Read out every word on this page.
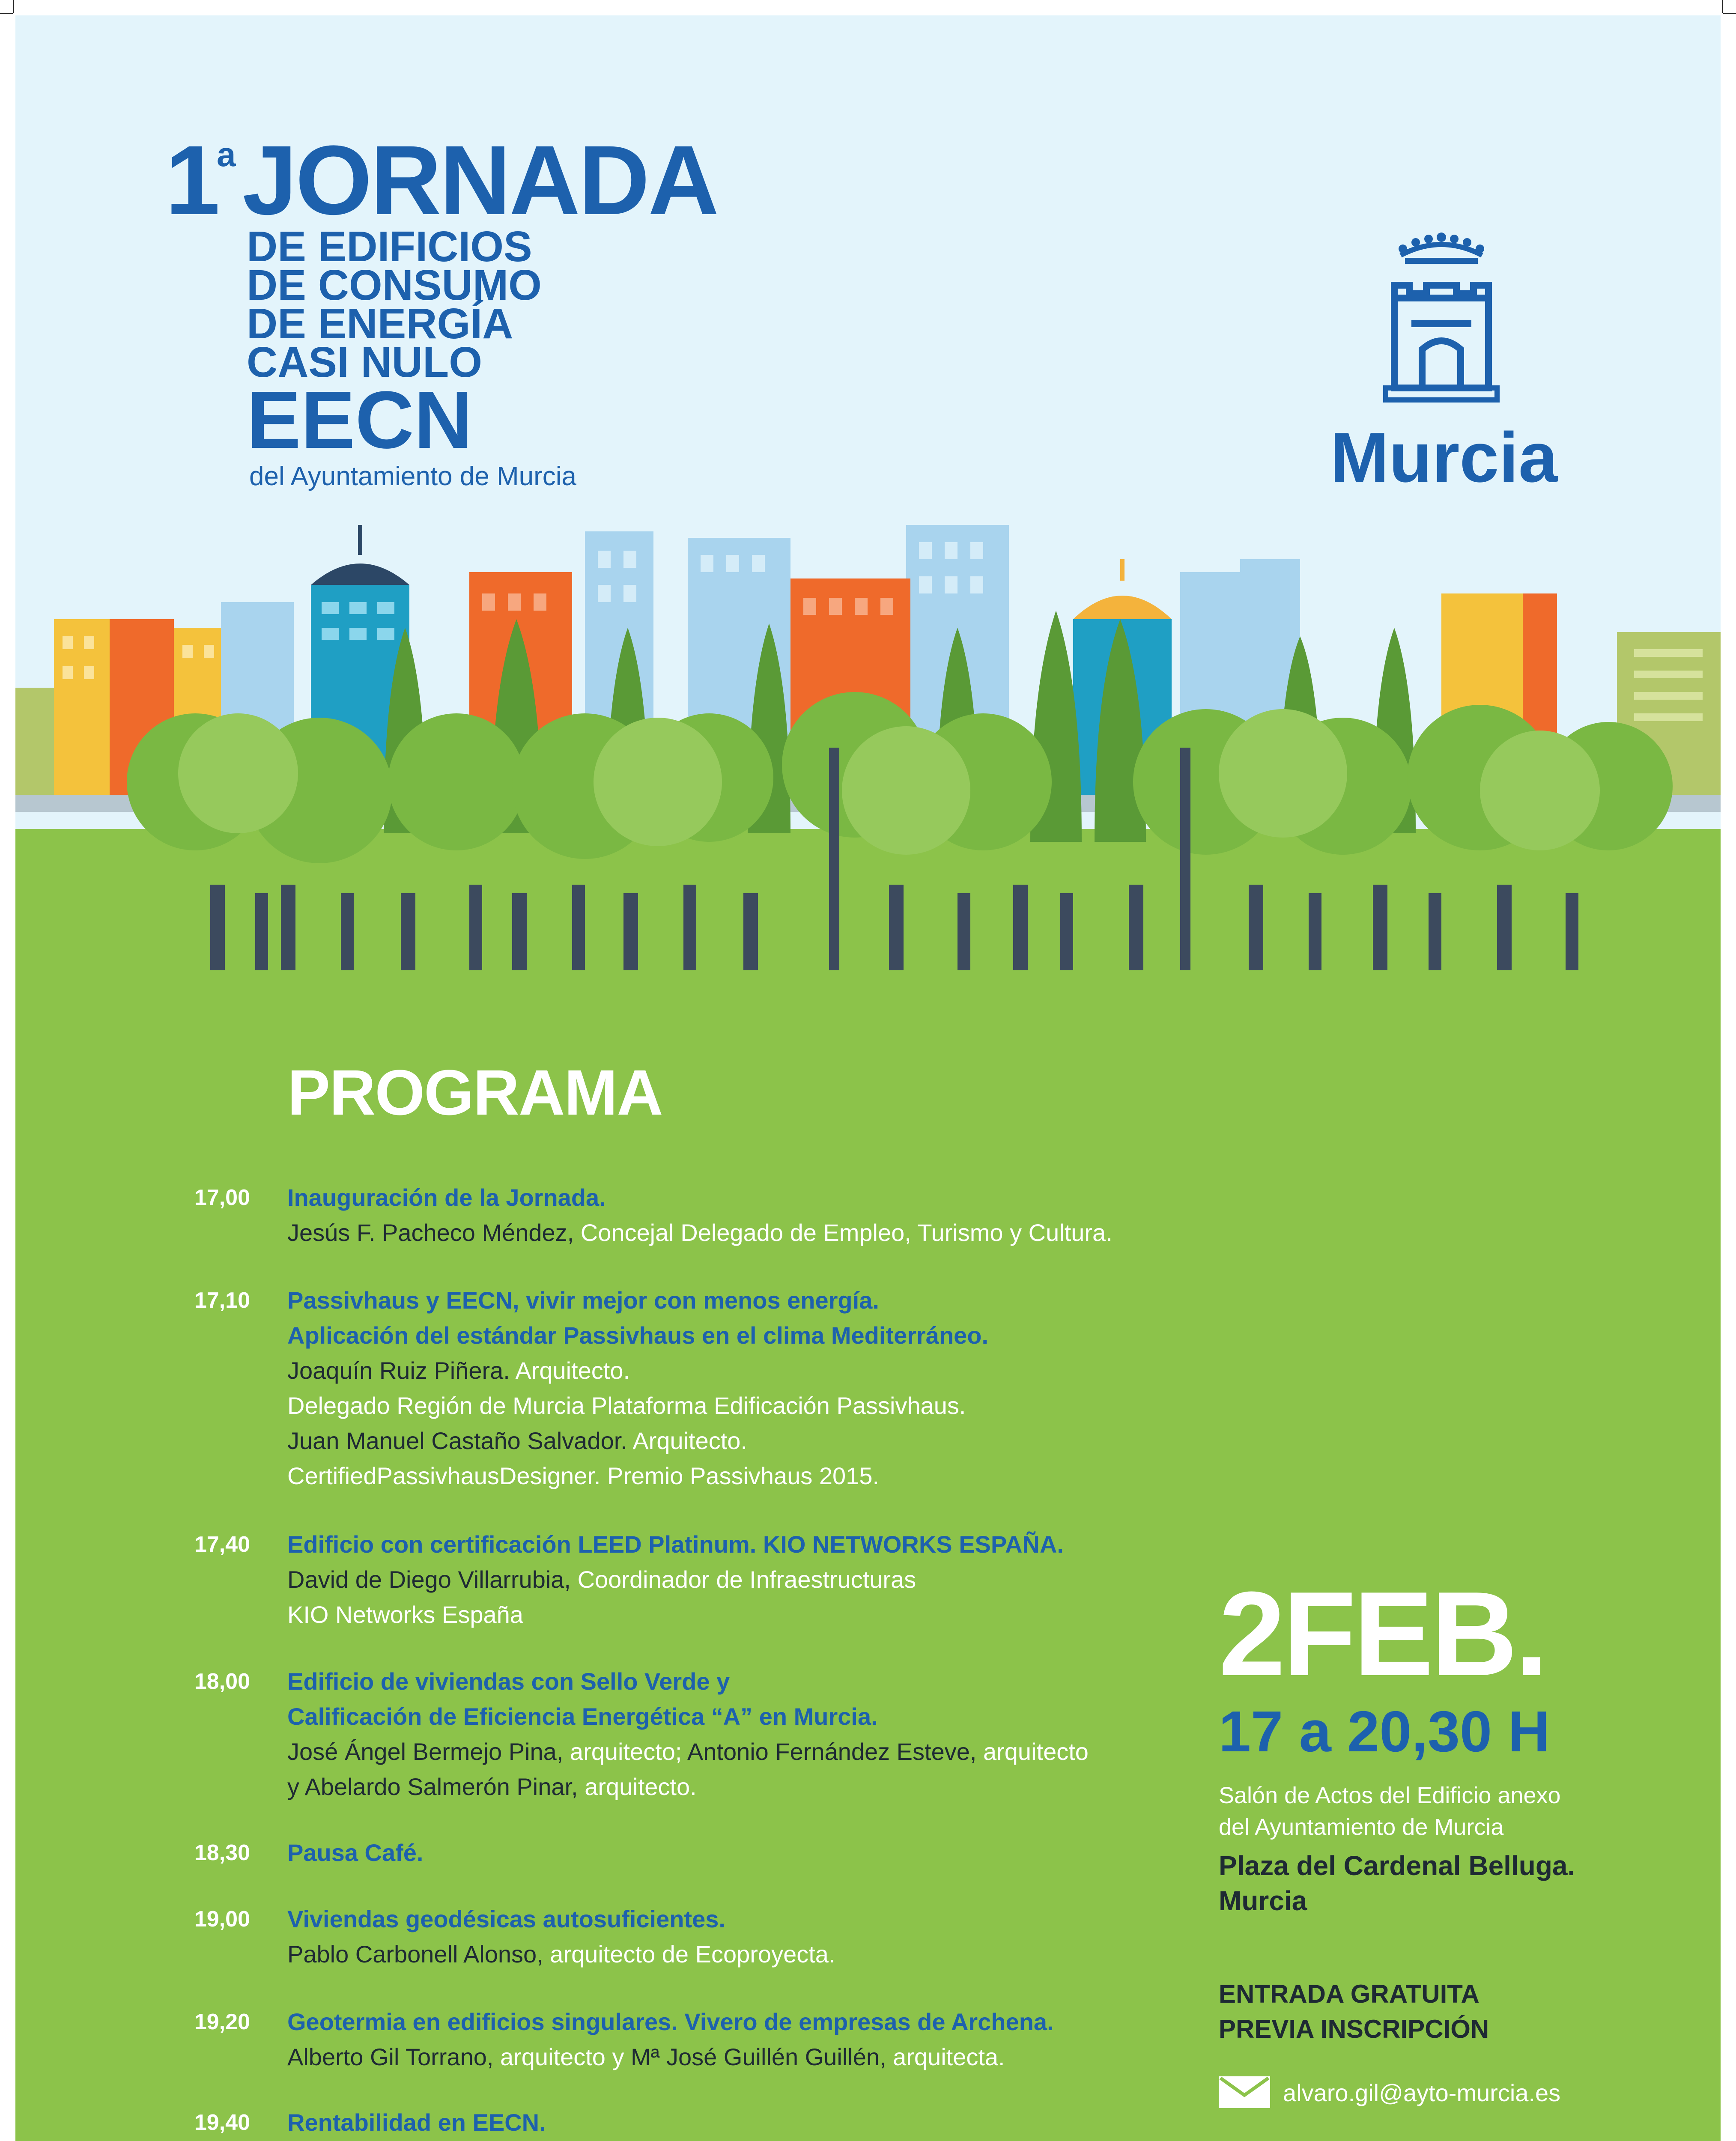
1
a JORNADA
DE EDIFICIOS
DE CONSUMO
DE ENERGÍA
CASI NULO
EECN
del Ayuntamiento de Murcia	Murcia
PROGRAMA
17,00 Inauguración de la Jornada.
Jesús F. Pacheco Méndez, Concejal Delegado de Empleo, Turismo y Cultura.
17,10 Passivhaus y EECN, vivir mejor con menos energía.
Aplicación del estándar Passivhaus en el clima Mediterráneo.
Joaquín Ruiz Piñera. Arquitecto.
Delegado Región de Murcia Plataforma Edificación Passivhaus.
Juan Manuel Castaño Salvador. Arquitecto.
CertifiedPassivhausDesigner. Premio Passivhaus 2015.
17,40 Edificio con certificación LEED Platinum. KIO NETWORKS ESPAÑA.
David de Diego Villarrubia, Coordinador de Infraestructuras
KIO Networks España
18,00 Edificio de viviendas con Sello Verde y
Calificación de Eficiencia Energética “A” en Murcia.
José Ángel Bermejo Pina, arquitecto; Antonio Fernández Esteve, arquitecto
y Abelardo Salmerón Pinar, arquitecto.
18,30 Pausa Café.
19,00 Viviendas geodésicas autosuficientes.
Pablo Carbonell Alonso, arquitecto de Ecoproyecta.
19,20 Geotermia en edificios singulares. Vivero de empresas de Archena.
Alberto Gil Torrano, arquitecto y Mª José Guillén Guillén, arquitecta.
19,40 Rentabilidad en EECN.
2FEB.
17 a 20,30 H
Salón de Actos del Edificio anexo
del Ayuntamiento de Murcia
Plaza del Cardenal Belluga.
Murcia
ENTRADA GRATUITA
PREVIA INSCRIPCIÓN
alvaro.gil@ayto-murcia.es
